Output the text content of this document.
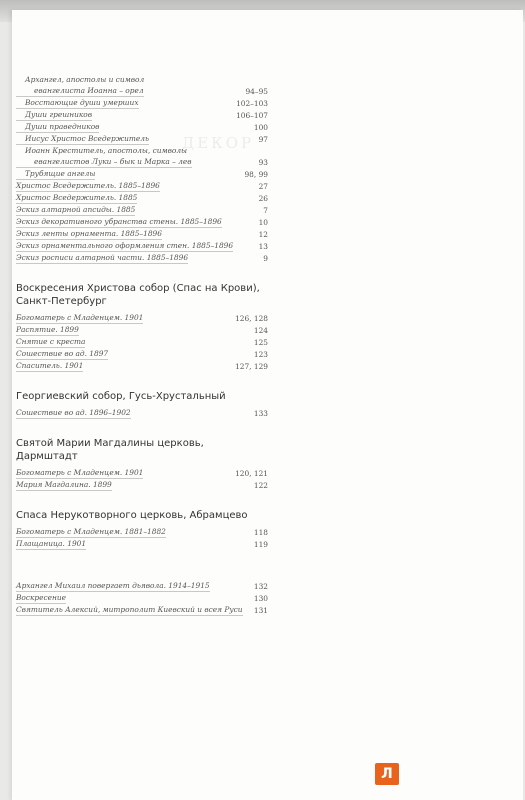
ДЕКОР
Архангел, апостолы и символ
евангелиста Иоанна – орел	94–95
Восстающие души умерших	102–103
Души грешников	106–107
Души праведников	100
Иисус Христос Вседержитель	97
Иоанн Креститель, апостолы, символы
евангелистов Луки – бык и Марка – лев	93
Трубящие ангелы	98, 99
Христос Вседержитель. 1885–1896	27
Христос Вседержитель. 1885	26
Эскиз алтарной апсиды. 1885	7
Эскиз декоративного убранства стены. 1885–1896	10
Эскиз ленты орнамента. 1885–1896	12
Эскиз орнаментального оформления стен. 1885–1896	13
Эскиз росписи алтарной части. 1885–1896	9
Воскресения Христова собор (Спас на Крови),
Санкт-Петербург
Богоматерь с Младенцем. 1901	126, 128
Распятие. 1899	124
Снятие с креста	125
Сошествие во ад. 1897	123
Спаситель. 1901	127, 129
Георгиевский собор, Гусь-Хрустальный
Сошествие во ад. 1896–1902	133
Святой Марии Магдалины церковь,
Дармштадт
Богоматерь с Младенцем. 1901	120, 121
Мария Магдалина. 1899	122
Спаса Нерукотворного церковь, Абрамцево
Богоматерь с Младенцем. 1881–1882	118
Плащаница. 1901	119
Архангел Михаил повергает дьявола. 1914–1915	132
Воскресение	130
Святитель Алексий, митрополит Киевский и всея Руси 131
Л
